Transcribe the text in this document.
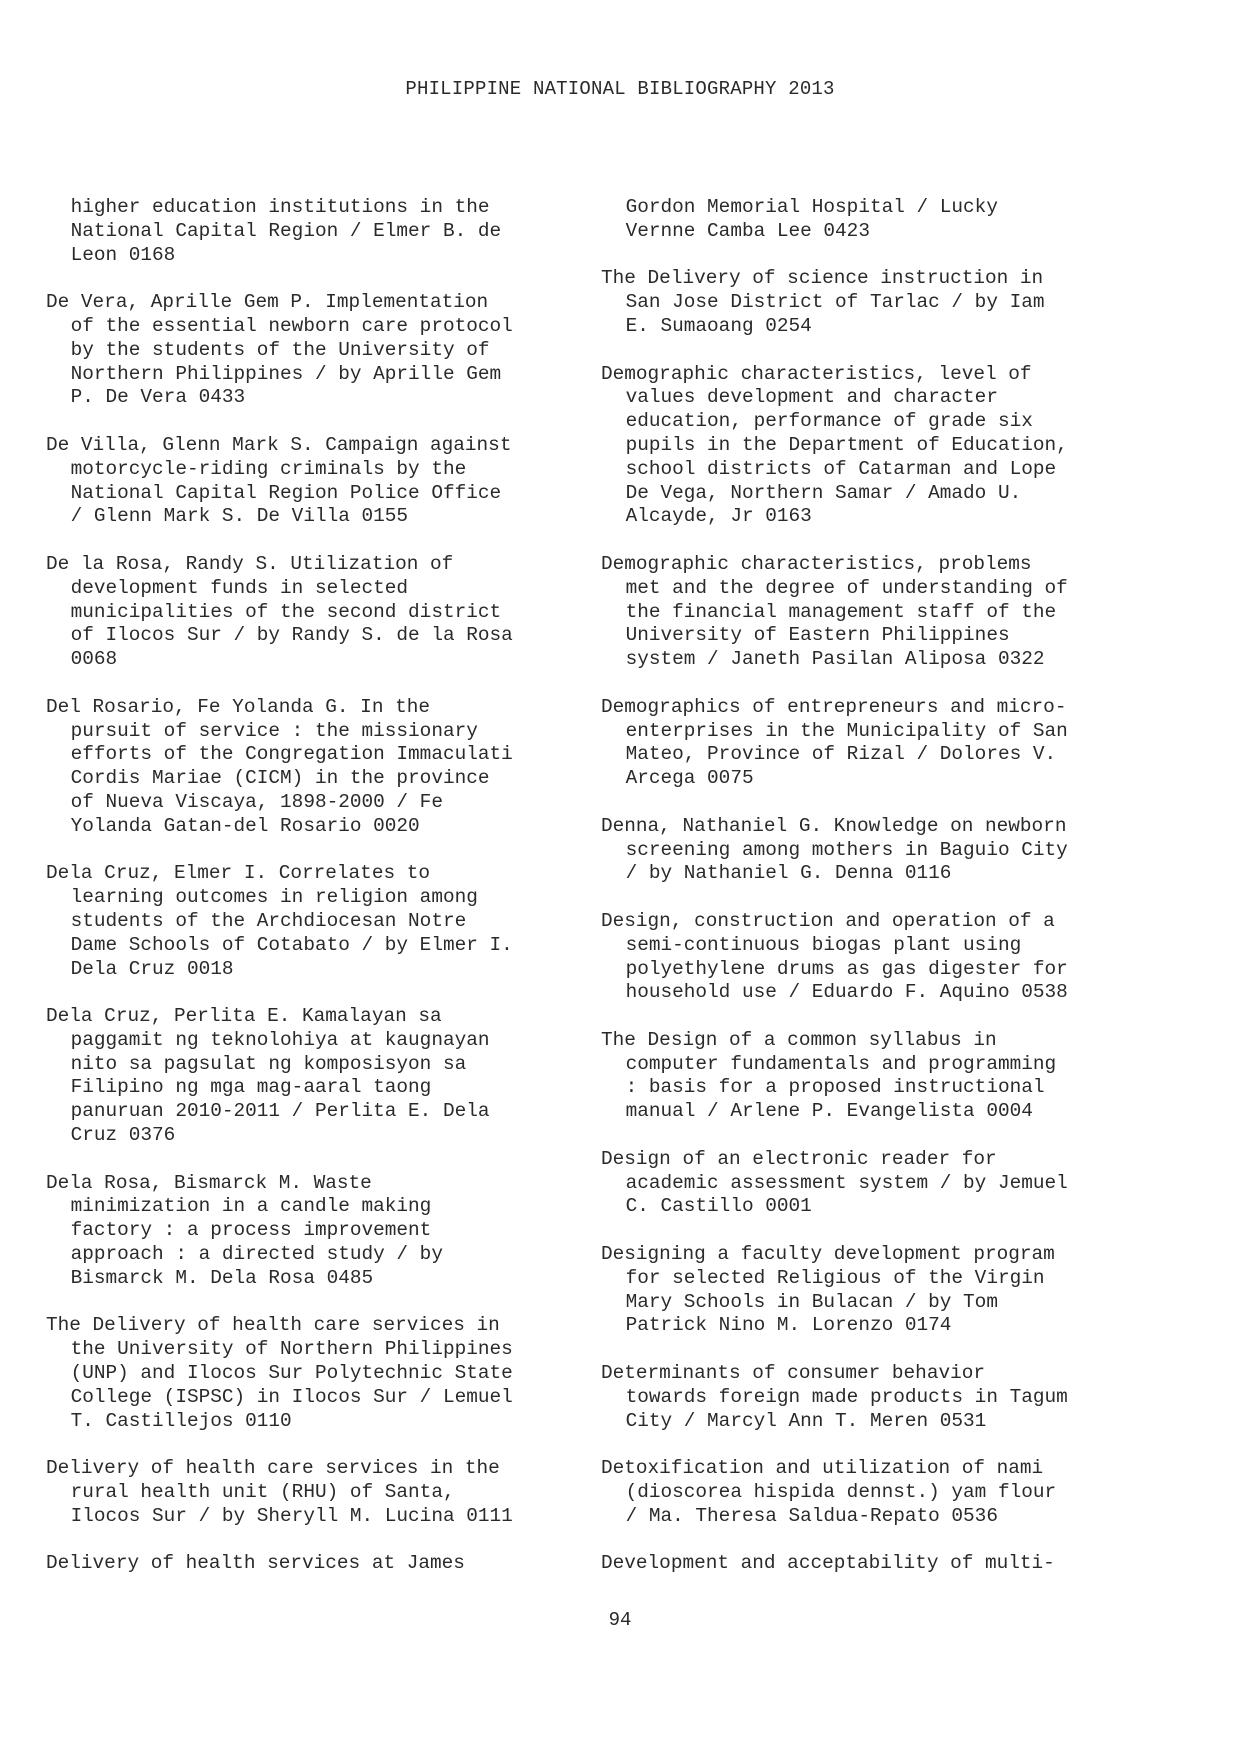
PHILIPPINE NATIONAL BIBLIOGRAPHY 2013

higher education institutions in the
National Capital Region / Elmer B. de
Leon 0168

De Vera, Aprille Gem P. Implementation
of the essential newborn care protocol
by the students of the University of
Northern Philippines / by Aprille Gem
P. De Vera 0433

De Villa, Glenn Mark S. Campaign against
motorcycle-riding criminals by the
National Capital Region Police Office
/ Glenn Mark S. De Villa 0155

De la Rosa, Randy S. Utilization of
development funds in selected
municipalities of the second district
of Ilocos Sur / by Randy S. de la Rosa
0068

Del Rosario, Fe Yolanda G. In the
pursuit of service : the missionary
efforts of the Congregation Immaculati
Cordis Mariae (CICM) in the province
of Nueva Viscaya, 1898-2000 / Fe
Yolanda Gatan-del Rosario 0020

Dela Cruz, Elmer I. Correlates to
learning outcomes in religion among
students of the Archdiocesan Notre
Dame Schools of Cotabato / by Elmer I.
Dela Cruz 0018

Dela Cruz, Perlita E. Kamalayan sa
paggamit ng teknolohiya at kaugnayan
nito sa pagsulat ng komposisyon sa
Filipino ng mga mag-aaral taong
panuruan 2010-2011 / Perlita E. Dela
Cruz 0376

Dela Rosa, Bismarck M. Waste
minimization in a candle making
factory : a process improvement
approach : a directed study / by
Bismarck M. Dela Rosa 0485

The Delivery of health care services in
the University of Northern Philippines
(UNP) and Ilocos Sur Polytechnic State
College (ISPSC) in Ilocos Sur / Lemuel
T. Castillejos 0110

Delivery of health care services in the
rural health unit (RHU) of Santa,
Ilocos Sur / by Sheryll M. Lucina 0111

Delivery of health services at James

Gordon Memorial Hospital / Lucky
Vernne Camba Lee 0423

The Delivery of science instruction in
San Jose District of Tarlac / by Iam
E. Sumaoang 0254

Demographic characteristics, level of
values development and character
education, performance of grade six
pupils in the Department of Education,
school districts of Catarman and Lope
De Vega, Northern Samar / Amado U.
Alcayde, Jr 0163

Demographic characteristics, problems
met and the degree of understanding of
the financial management staff of the
University of Eastern Philippines
system / Janeth Pasilan Aliposa 0322

Demographics of entrepreneurs and micro-
enterprises in the Municipality of San
Mateo, Province of Rizal / Dolores V.
Arcega 0075

Denna, Nathaniel G. Knowledge on newborn
screening among mothers in Baguio City
/ by Nathaniel G. Denna 0116

Design, construction and operation of a
semi-continuous biogas plant using
polyethylene drums as gas digester for
household use / Eduardo F. Aquino 0538

The Design of a common syllabus in
computer fundamentals and programming
: basis for a proposed instructional
manual / Arlene P. Evangelista 0004

Design of an electronic reader for
academic assessment system / by Jemuel
C. Castillo 0001

Designing a faculty development program
for selected Religious of the Virgin
Mary Schools in Bulacan / by Tom
Patrick Nino M. Lorenzo 0174

Determinants of consumer behavior
towards foreign made products in Tagum
City / Marcyl Ann T. Meren 0531

Detoxification and utilization of nami
(dioscorea hispida dennst.) yam flour
/ Ma. Theresa Saldua-Repato 0536

Development and acceptability of multi-

94
